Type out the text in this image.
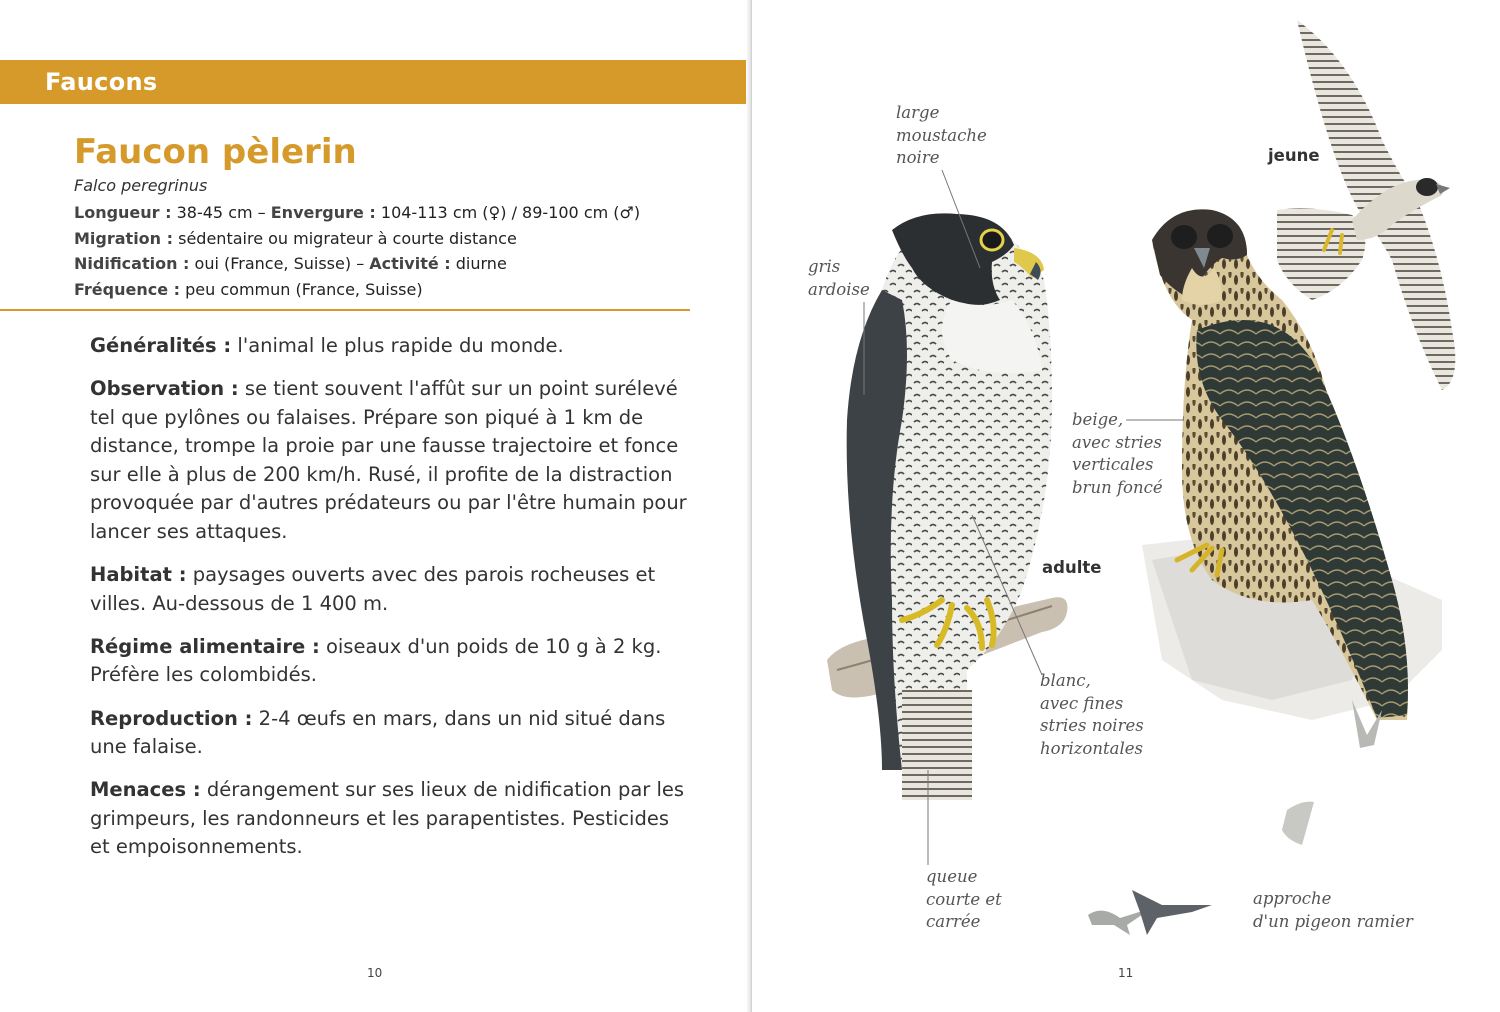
Faucons
Faucon pèlerin
Falco peregrinus
Longueur : 38-45 cm – Envergure : 104-113 cm (♀) / 89-100 cm (♂)
Migration : sédentaire ou migrateur à courte distance
Nidification : oui (France, Suisse) – Activité : diurne
Fréquence : peu commun (France, Suisse)

Généralités : l'animal le plus rapide du monde.

Observation : se tient souvent l'affût sur un point surélevé tel que pylônes ou falaises. Prépare son piqué à 1 km de distance, trompe la proie par une fausse trajectoire et fonce sur elle à plus de 200 km/h. Rusé, il profite de la distraction provoquée par d'autres prédateurs ou par l'être humain pour lancer ses attaques.

Habitat : paysages ouverts avec des parois rocheuses et villes. Au-dessous de 1 400 m.

Régime alimentaire : oiseaux d'un poids de 10 g à 2 kg. Préfère les colombidés.

Reproduction : 2-4 œufs en mars, dans un nid situé dans une falaise.

Menaces : dérangement sur ses lieux de nidification par les grimpeurs, les randonneurs et les parapentistes. Pesticides et empoisonnements.

10
large
moustache
noire
gris
ardoise
jeune
beige,
avec stries
verticales
brun foncé
adulte
blanc,
avec fines
stries noires
horizontales
queue
courte et
carrée
approche
d'un pigeon ramier
11
